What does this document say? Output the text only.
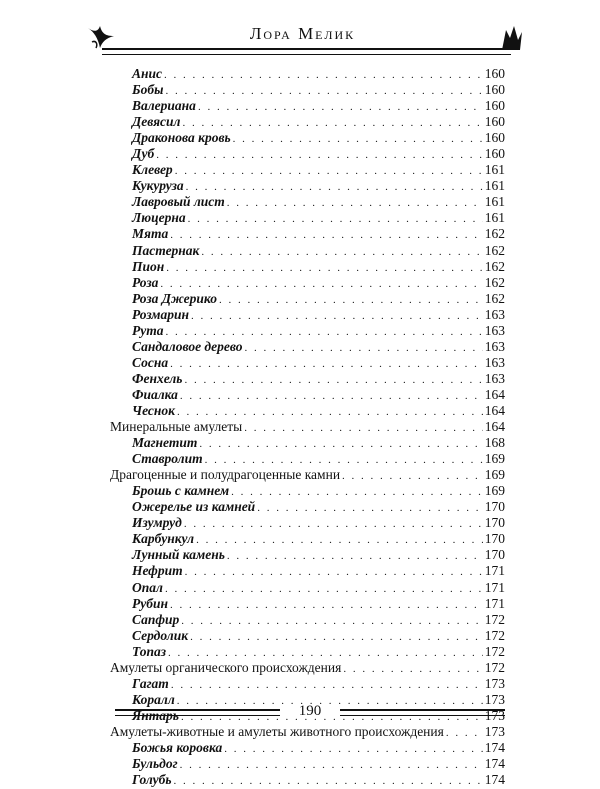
Лора Мелик
Анис . . .	160
Бобы . . .	160
Валериана . . .	160
Девясил . . .	160
Драконова кровь . . .	160
Дуб . . .	160
Клевер . . .	161
Кукуруза . . .	161
Лавровый лист . . .	161
Люцерна . . .	161
Мята . . .	162
Пастернак . . .	162
Пион . . .	162
Роза . . .	162
Роза Джерико . . .	162
Розмарин . . .	163
Рута . . .	163
Сандаловое дерево . . .	163
Сосна . . .	163
Фенхель . . .	163
Фиалка . . .	164
Чеснок . . .	164
Минеральные амулеты . . .	164
Магнетит . . .	168
Ставролит . . .	169
Драгоценные и полудрагоценные камни . . .	169
Брошь с камнем . . .	169
Ожерелье из камней . . .	170
Изумруд . . .	170
Карбункул . . .	170
Лунный камень . . .	170
Нефрит . . .	171
Опал . . .	171
Рубин . . .	171
Сапфир . . .	172
Сердолик . . .	172
Топаз . . .	172
Амулеты органического происхождения . . .	172
Гагат . . .	173
Коралл . . .	173
Янтарь . . .	173
Амулеты-животные и амулеты животного происхождения . . .	173
Божья коровка . . .	174
Бульдог . . .	174
Голубь . . .	174
190
